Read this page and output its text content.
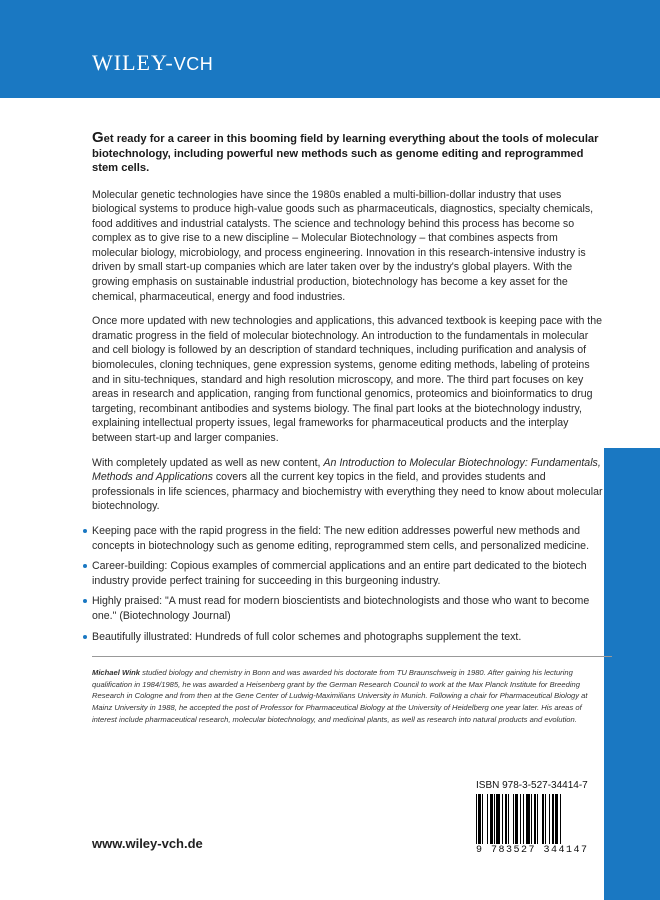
WILEY-VCH

Get ready for a career in this booming field by learning everything about the tools of molecular biotechnology, including powerful new methods such as genome editing and reprogrammed stem cells.

Molecular genetic technologies have since the 1980s enabled a multi-billion-dollar industry that uses biological systems to produce high-value goods such as pharmaceuticals, diagnostics, specialty chemicals, food additives and industrial catalysts. The science and technology behind this process has become so complex as to give rise to a new discipline – Molecular Biotechnology – that combines aspects from molecular biology, microbiology, and process engineering. Innovation in this research-intensive industry is driven by small start-up companies which are later taken over by the industry's global players. With the growing emphasis on sustainable industrial production, biotechnology has become a key asset for the chemical, pharmaceutical, energy and food industries.

Once more updated with new technologies and applications, this advanced textbook is keeping pace with the dramatic progress in the field of molecular biotechnology. An introduction to the fundamentals in molecular and cell biology is followed by an description of standard techniques, including purification and analysis of biomolecules, cloning techniques, gene expression systems, genome editing methods, labeling of proteins and in situ-techniques, standard and high resolution microscopy, and more. The third part focuses on key areas in research and application, ranging from functional genomics, proteomics and bioinformatics to drug targeting, recombinant antibodies and systems biology. The final part looks at the biotechnology industry, explaining intellectual property issues, legal frameworks for pharmaceutical products and the interplay between start-up and larger companies.

With completely updated as well as new content, An Introduction to Molecular Biotechnology: Fundamentals, Methods and Applications covers all the current key topics in the field, and provides students and professionals in life sciences, pharmacy and biochemistry with everything they need to know about molecular biotechnology.

Keeping pace with the rapid progress in the field: The new edition addresses powerful new methods and concepts in biotechnology such as genome editing, reprogrammed stem cells, and personalized medicine.
Career-building: Copious examples of commercial applications and an entire part dedicated to the biotech industry provide perfect training for succeeding in this burgeoning industry.
Highly praised: "A must read for modern bioscientists and biotechnologists and those who want to become one." (Biotechnology Journal)
Beautifully illustrated: Hundreds of full color schemes and photographs supplement the text.

Michael Wink studied biology and chemistry in Bonn and was awarded his doctorate from TU Braunschweig in 1980. After gaining his lecturing qualification in 1984/1985, he was awarded a Heisenberg grant by the German Research Council to work at the Max Planck Institute for Breeding Research in Cologne and from then at the Gene Center of Ludwig-Maximilians University in Munich. Following a chair for Pharmaceutical Biology at Mainz University in 1988, he accepted the post of Professor for Pharmaceutical Biology at the University of Heidelberg one year later. His areas of interest include pharmaceutical research, molecular biotechnology, and medicinal plants, as well as research into natural products and evolution.

www.wiley-vch.de
ISBN 978-3-527-34414-7
9 783527 344147
